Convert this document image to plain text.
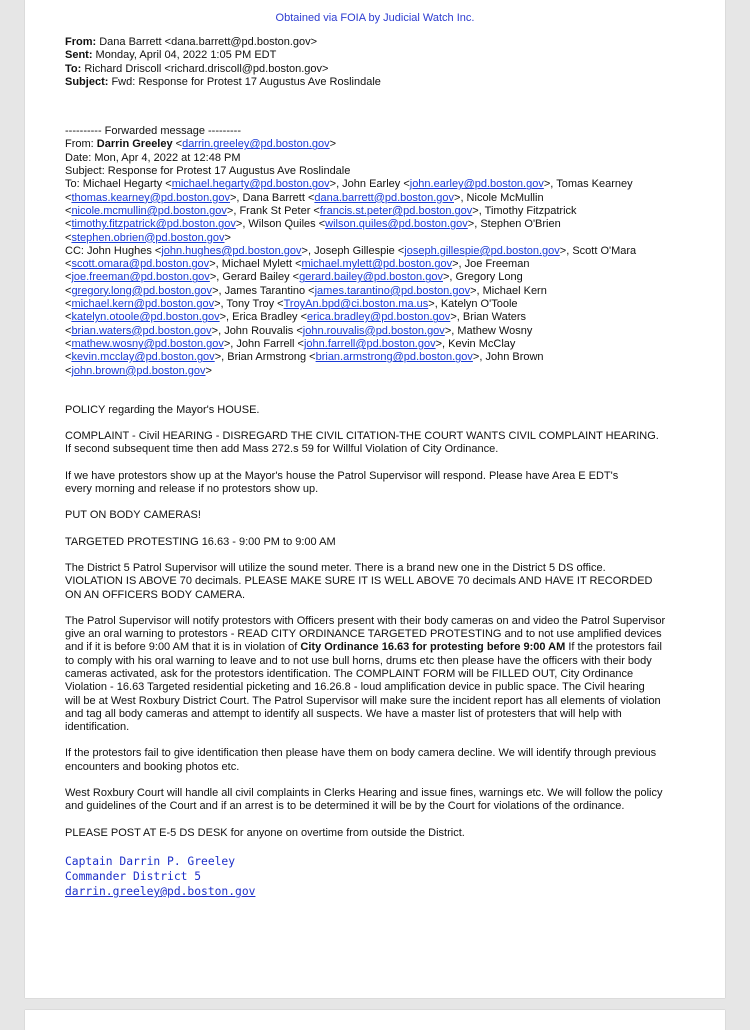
Obtained via FOIA by Judicial Watch Inc.
From: Dana Barrett <dana.barrett@pd.boston.gov>
Sent: Monday, April 04, 2022 1:05 PM EDT
To: Richard Driscoll <richard.driscoll@pd.boston.gov>
Subject: Fwd: Response for Protest 17 Augustus Ave Roslindale
---------- Forwarded message ---------
From: Darrin Greeley <darrin.greeley@pd.boston.gov>
Date: Mon, Apr 4, 2022 at 12:48 PM
Subject: Response for Protest 17 Augustus Ave Roslindale
To: Michael Hegarty <michael.hegarty@pd.boston.gov>, John Earley <john.earley@pd.boston.gov>, Tomas Kearney
<thomas.kearney@pd.boston.gov>, Dana Barrett <dana.barrett@pd.boston.gov>, Nicole McMullin
<nicole.mcmullin@pd.boston.gov>, Frank St Peter <francis.st.peter@pd.boston.gov>, Timothy Fitzpatrick
<timothy.fitzpatrick@pd.boston.gov>, Wilson Quiles <wilson.quiles@pd.boston.gov>, Stephen O'Brien
<stephen.obrien@pd.boston.gov>
CC: John Hughes <john.hughes@pd.boston.gov>, Joseph Gillespie <joseph.gillespie@pd.boston.gov>, Scott O'Mara
<scott.omara@pd.boston.gov>, Michael Mylett <michael.mylett@pd.boston.gov>, Joe Freeman
<joe.freeman@pd.boston.gov>, Gerard Bailey <gerard.bailey@pd.boston.gov>, Gregory Long
<gregory.long@pd.boston.gov>, James Tarantino <james.tarantino@pd.boston.gov>, Michael Kern
<michael.kern@pd.boston.gov>, Tony Troy <TroyAn.bpd@ci.boston.ma.us>, Katelyn O'Toole
<katelyn.otoole@pd.boston.gov>, Erica Bradley <erica.bradley@pd.boston.gov>, Brian Waters
<brian.waters@pd.boston.gov>, John Rouvalis <john.rouvalis@pd.boston.gov>, Mathew Wosny
<mathew.wosny@pd.boston.gov>, John Farrell <john.farrell@pd.boston.gov>, Kevin McClay
<kevin.mcclay@pd.boston.gov>, Brian Armstrong <brian.armstrong@pd.boston.gov>, John Brown
<john.brown@pd.boston.gov>
POLICY regarding the Mayor's HOUSE.
COMPLAINT - Civil HEARING - DISREGARD THE CIVIL CITATION-THE COURT WANTS CIVIL COMPLAINT HEARING.
If second subsequent time then add Mass 272.s 59 for Willful Violation of City Ordinance.
If we have protestors show up at the Mayor's house the Patrol Supervisor will respond. Please have Area E EDT's
every morning and release if no protestors show up.
PUT ON BODY CAMERAS!
TARGETED PROTESTING 16.63 - 9:00 PM to 9:00 AM
The District 5 Patrol Supervisor will utilize the sound meter. There is a brand new one in the District 5 DS office.
VIOLATION IS ABOVE 70 decimals. PLEASE MAKE SURE IT IS WELL ABOVE 70 decimals AND HAVE IT RECORDED
ON AN OFFICERS BODY CAMERA.
The Patrol Supervisor will notify protestors with Officers present with their body cameras on and video the Patrol Supervisor
give an oral warning to protestors - READ CITY ORDINANCE TARGETED PROTESTING and to not use amplified devices
and if it is before 9:00 AM that it is in violation of City Ordinance 16.63 for protesting before 9:00 AM If the protestors fail
to comply with his oral warning to leave and to not use bull horns, drums etc then please have the officers with their body
cameras activated, ask for the protestors identification. The COMPLAINT FORM will be FILLED OUT, City Ordinance
Violation - 16.63 Targeted residential picketing and 16.26.8 - loud amplification device in public space. The Civil hearing
will be at West Roxbury District Court. The Patrol Supervisor will make sure the incident report has all elements of violation
and tag all body cameras and attempt to identify all suspects. We have a master list of protesters that will help with
identification.
If the protestors fail to give identification then please have them on body camera decline. We will identify through previous
encounters and booking photos etc.
West Roxbury Court will handle all civil complaints in Clerks Hearing and issue fines, warnings etc. We will follow the policy
and guidelines of the Court and if an arrest is to be determined it will be by the Court for violations of the ordinance.
PLEASE POST AT E-5 DS DESK for anyone on overtime from outside the District.
Captain Darrin P. Greeley
Commander District 5
darrin.greeley@pd.boston.gov
